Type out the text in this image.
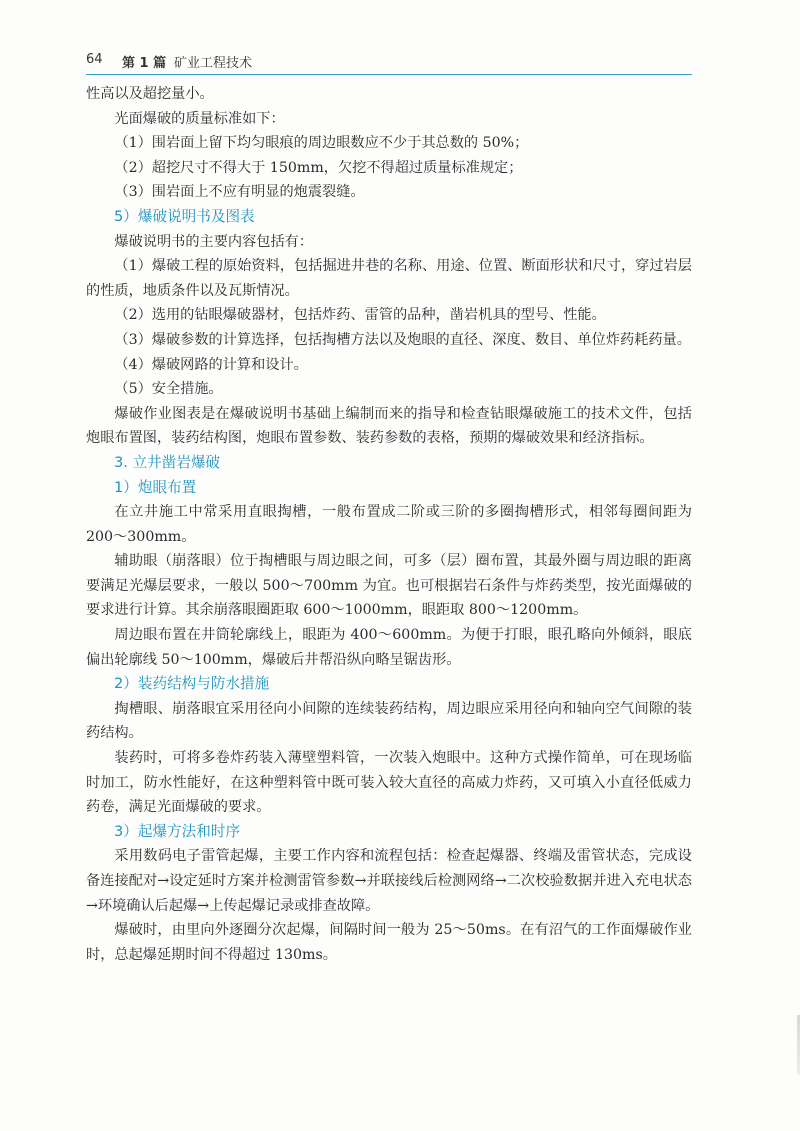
64 第 1 篇 矿业工程技术

性高以及超挖量小。

光面爆破的质量标准如下：

（1）围岩面上留下均匀眼痕的周边眼数应不少于其总数的 50%；

（2）超挖尺寸不得大于 150mm，欠挖不得超过质量标准规定；

（3）围岩面上不应有明显的炮震裂缝。

5）爆破说明书及图表

爆破说明书的主要内容包括有：

（1）爆破工程的原始资料，包括掘进井巷的名称、用途、位置、断面形状和尺寸，穿过岩层的性质，地质条件以及瓦斯情况。

（2）选用的钻眼爆破器材，包括炸药、雷管的品种，凿岩机具的型号、性能。

（3）爆破参数的计算选择，包括掏槽方法以及炮眼的直径、深度、数目、单位炸药耗药量。

（4）爆破网路的计算和设计。

（5）安全措施。

爆破作业图表是在爆破说明书基础上编制而来的指导和检查钻眼爆破施工的技术文件，包括炮眼布置图，装药结构图，炮眼布置参数、装药参数的表格，预期的爆破效果和经济指标。

3. 立井凿岩爆破
1）炮眼布置

在立井施工中常采用直眼掏槽，一般布置成二阶或三阶的多圈掏槽形式，相邻每圈间距为 200～300mm。

辅助眼（崩落眼）位于掏槽眼与周边眼之间，可多（层）圈布置，其最外圈与周边眼的距离要满足光爆层要求，一般以 500～700mm 为宜。也可根据岩石条件与炸药类型，按光面爆破的要求进行计算。其余崩落眼圈距取 600～1000mm，眼距取 800～1200mm。

周边眼布置在井筒轮廓线上，眼距为 400～600mm。为便于打眼，眼孔略向外倾斜，眼底偏出轮廓线 50～100mm，爆破后井帮沿纵向略呈锯齿形。

2）装药结构与防水措施

掏槽眼、崩落眼宜采用径向小间隙的连续装药结构，周边眼应采用径向和轴向空气间隙的装药结构。

装药时，可将多卷炸药装入薄壁塑料管，一次装入炮眼中。这种方式操作简单，可在现场临时加工，防水性能好，在这种塑料管中既可装入较大直径的高威力炸药，又可填入小直径低威力药卷，满足光面爆破的要求。

3）起爆方法和时序

采用数码电子雷管起爆，主要工作内容和流程包括：检查起爆器、终端及雷管状态，完成设备连接配对→设定延时方案并检测雷管参数→并联接线后检测网络→二次校验数据并进入充电状态→环境确认后起爆→上传起爆记录或排查故障。

爆破时，由里向外逐圈分次起爆，间隔时间一般为 25～50ms。在有沼气的工作面爆破作业时，总起爆延期时间不得超过 130ms。
